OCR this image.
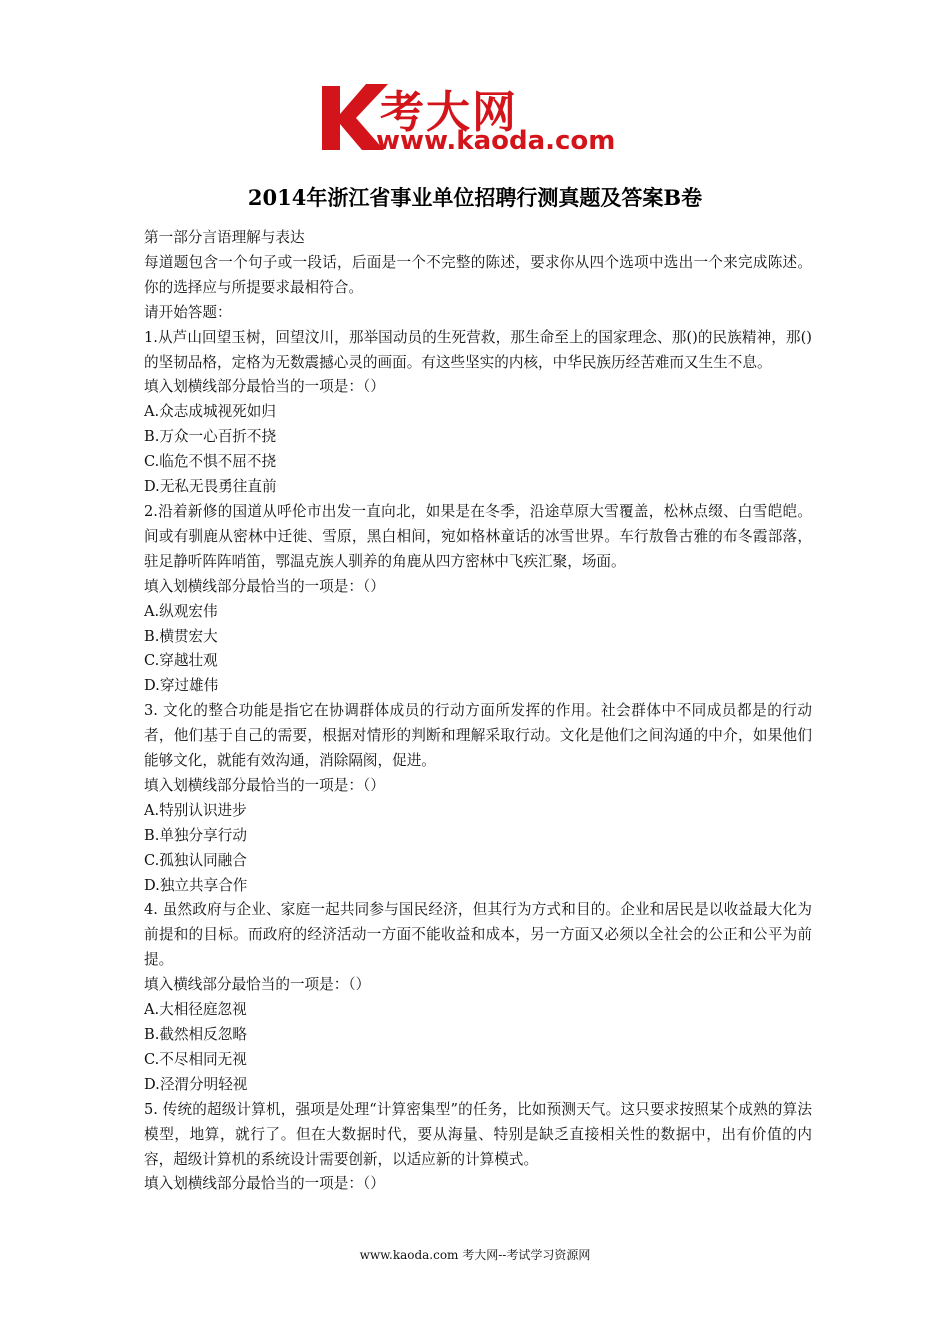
考大网
www.kaoda.com
2014年浙江省事业单位招聘行测真题及答案B卷

第一部分言语理解与表达

每道题包含一个句子或一段话，后面是一个不完整的陈述，要求你从四个选项中选出一个来完成陈述。你的选择应与所提要求最相符合。

请开始答题：

1.从芦山回望玉树，回望汶川，那举国动员的生死营救，那生命至上的国家理念、那()的民族精神，那()的坚韧品格，定格为无数震撼心灵的画面。有这些坚实的内核，中华民族历经苦难而又生生不息。

填入划横线部分最恰当的一项是：（）

A.众志成城视死如归

B.万众一心百折不挠

C.临危不惧不屈不挠

D.无私无畏勇往直前

2.沿着新修的国道从呼伦市出发一直向北，如果是在冬季，沿途草原大雪覆盖，松林点缀、白雪皑皑。间或有驯鹿从密林中迁徙、雪原，黑白相间，宛如格林童话的冰雪世界。车行敖鲁古雅的布冬霞部落，驻足静听阵阵哨笛，鄂温克族人驯养的角鹿从四方密林中飞疾汇聚，场面。

填入划横线部分最恰当的一项是：（）

A.纵观宏伟

B.横贯宏大

C.穿越壮观

D.穿过雄伟

3. 文化的整合功能是指它在协调群体成员的行动方面所发挥的作用。社会群体中不同成员都是的行动者，他们基于自己的需要，根据对情形的判断和理解采取行动。文化是他们之间沟通的中介，如果他们能够文化，就能有效沟通，消除隔阂，促进。

填入划横线部分最恰当的一项是：（）

A.特别认识进步

B.单独分享行动

C.孤独认同融合

D.独立共享合作

4. 虽然政府与企业、家庭一起共同参与国民经济，但其行为方式和目的。企业和居民是以收益最大化为前提和的目标。而政府的经济活动一方面不能收益和成本，另一方面又必须以全社会的公正和公平为前提。

填入横线部分最恰当的一项是：（）

A.大相径庭忽视

B.截然相反忽略

C.不尽相同无视

D.泾渭分明轻视

5. 传统的超级计算机，强项是处理“计算密集型”的任务，比如预测天气。这只要求按照某个成熟的算法模型，地算，就行了。但在大数据时代，要从海量、特别是缺乏直接相关性的数据中，出有价值的内容，超级计算机的系统设计需要创新，以适应新的计算模式。

填入划横线部分最恰当的一项是：（）

www.kaoda.com 考大网--考试学习资源网
